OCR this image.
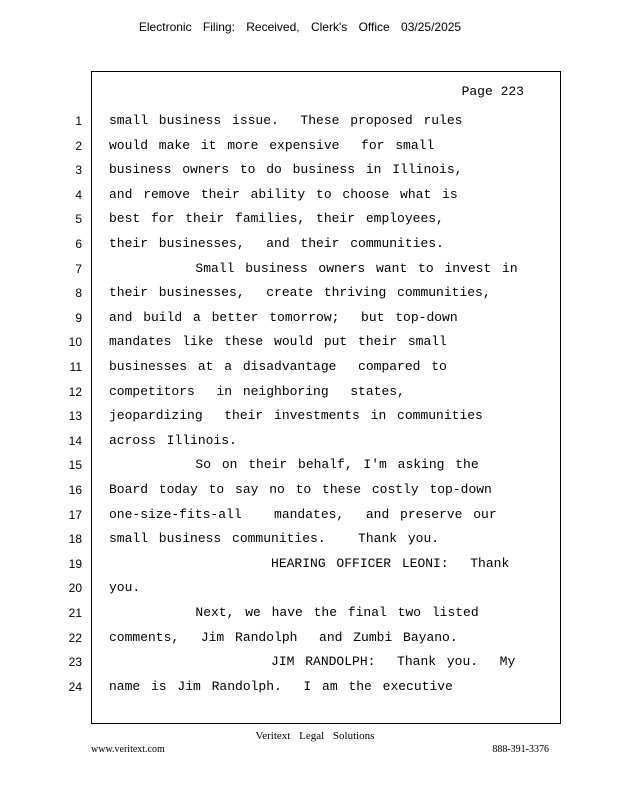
Electronic Filing: Received, Clerk's Office 03/25/2025
Page 223
1 small business issue.  These proposed rules
2 would make it more expensive  for small
3 business owners to do business in Illinois,
4 and remove their ability to choose what is
5 best for their families, their employees,
6 their businesses,  and their communities.
7 Small business owners want to invest in
8 their businesses,  create thriving communities,
9 and build a better tomorrow;  but top-down
10 mandates like these would put their small
11 businesses at a disadvantage  compared to
12 competitors  in neighboring  states,
13 jeopardizing  their investments in communities
14 across Illinois.
15 So on their behalf, I'm asking the
16 Board today to say no to these costly top-down
17 one-size-fits-all   mandates,  and preserve our
18 small business communities.   Thank you.
19 HEARING OFFICER LEONI:  Thank
20 you.
21 Next, we have the final two listed
22 comments,  Jim Randolph  and Zumbi Bayano.
23 JIM RANDOLPH:  Thank you.  My
24 name is Jim Randolph.  I am the executive
Veritext Legal Solutions
www.veritext.com	888-391-3376
